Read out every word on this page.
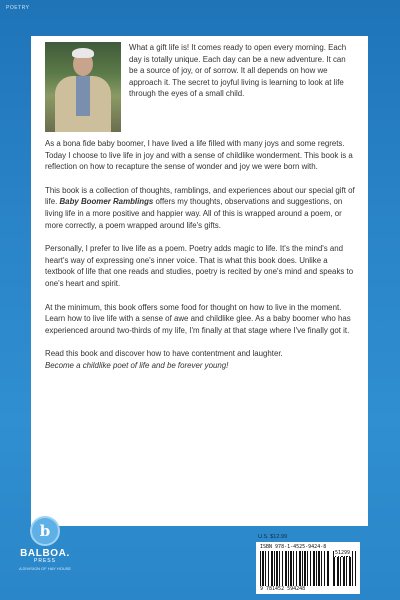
POETRY

What a gift life is! It comes ready to open every morning. Each day is totally unique. Each day can be a new adventure. It can be a source of joy, or of sorrow. It all depends on how we approach it. The secret to joyful living is learning to look at life through the eyes of a small child.

As a bona fide baby boomer, I have lived a life filled with many joys and some regrets. Today I choose to live life in joy and with a sense of childlike wonderment. This book is a reflection on how to recapture the sense of wonder and joy we were born with.

This book is a collection of thoughts, ramblings, and experiences about our special gift of life. Baby Boomer Ramblings offers my thoughts, observations and suggestions, on living life in a more positive and happier way. All of this is wrapped around a poem, or more correctly, a poem wrapped around life's gifts.

Personally, I prefer to live life as a poem. Poetry adds magic to life. It's the mind's and heart's way of expressing one's inner voice. That is what this book does. Unlike a textbook of life that one reads and studies, poetry is recited by one's mind and speaks to one's heart and spirit.

At the minimum, this book offers some food for thought on how to live in the moment. Learn how to live life with a sense of awe and childlike glee. As a baby boomer who has experienced around two-thirds of my life, I'm finally at that stage where I've finally got it.

Read this book and discover how to have contentment and laughter.
Become a childlike poet of life and be forever young!

b
BALBOA.
PRESS
A DIVISION OF HAY HOUSE
U.S. $12.99
ISBN 978-1-4525-9424-8
51299
9 781452 594248
